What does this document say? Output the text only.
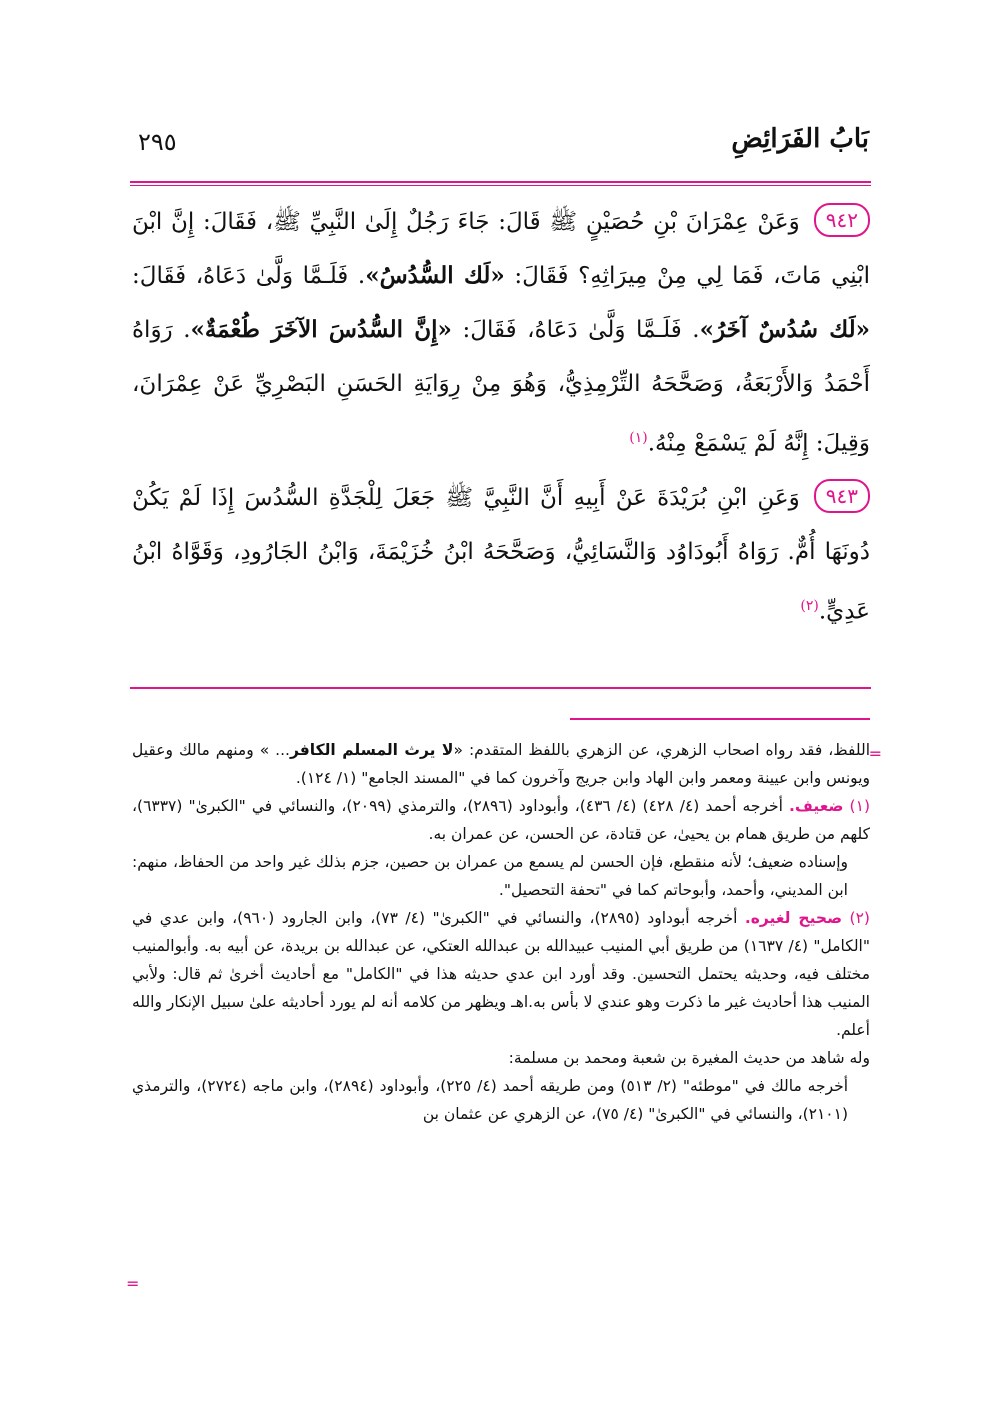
بَابُ الفَرَائِضِ
٢٩٥

٩٤٢وَعَنْ عِمْرَانَ بْنِ حُصَيْنٍ ﷺ قَالَ: جَاءَ رَجُلٌ إِلَىٰ النَّبِيِّ ﷺ، فَقَالَ: إِنَّ ابْنَ ابْنِي مَاتَ، فَمَا لِي مِنْ مِيرَاثِهِ؟ فَقَالَ: «لَك السُّدُسُ». فَلَـمَّا وَلَّىٰ دَعَاهُ، فَقَالَ: «لَك سُدُسٌ آخَرُ». فَلَـمَّا وَلَّىٰ دَعَاهُ، فَقَالَ: «إِنَّ السُّدُسَ الآخَرَ طُعْمَةٌ». رَوَاهُ أَحْمَدُ وَالأَرْبَعَةُ، وَصَحَّحَهُ التِّرْمِذِيُّ، وَهُوَ مِنْ رِوَايَةِ الحَسَنِ البَصْرِيِّ عَنْ عِمْرَانَ، وَقِيلَ: إِنَّهُ لَمْ يَسْمَعْ مِنْهُ.$^{(١)}$

٩٤٣وَعَنِ ابْنِ بُرَيْدَةَ عَنْ أَبِيهِ أَنَّ النَّبِيَّ ﷺ جَعَلَ لِلْجَدَّةِ السُّدُسَ إِذَا لَمْ يَكُنْ دُونَهَا أُمٌّ. رَوَاهُ أَبُودَاوُد وَالنَّسَائِيُّ، وَصَحَّحَهُ ابْنُ خُزَيْمَةَ، وَابْنُ الجَارُودِ، وَقَوَّاهُ ابْنُ عَدِيٍّ.$^{(٢)}$

=
=

اللفظ، فقد رواه اصحاب الزهري، عن الزهري باللفظ المتقدم: «لا يرث المسلم الكافر... » ومنهم مالك وعقيل ويونس وابن عيينة ومعمر وابن الهاد وابن جريج وآخرون كما في "المسند الجامع" (١/ ١٢٤).

(١) ضعيف. أخرجه أحمد (٤/ ٤٢٨) (٤/ ٤٣٦)، وأبوداود (٢٨٩٦)، والترمذي (٢٠٩٩)، والنسائي في "الكبرىٰ" (٦٣٣٧)، كلهم من طريق همام بن يحيىٰ، عن قتادة، عن الحسن، عن عمران به.

وإسناده ضعيف؛ لأنه منقطع، فإن الحسن لم يسمع من عمران بن حصين، جزم بذلك غير واحد من الحفاظ، منهم: ابن المديني، وأحمد، وأبوحاتم كما في "تحفة التحصيل".

(٢) صحيح لغيره. أخرجه أبوداود (٢٨٩٥)، والنسائي في "الكبرىٰ" (٤/ ٧٣)، وابن الجارود (٩٦٠)، وابن عدي في "الكامل" (٤/ ١٦٣٧) من طريق أبي المنيب عبيدالله بن عبدالله العتكي، عن عبدالله بن بريدة، عن أبيه به. وأبوالمنيب مختلف فيه، وحديثه يحتمل التحسين. وقد أورد ابن عدي حديثه هذا في "الكامل" مع أحاديث أخرىٰ ثم قال: ولأبي المنيب هذا أحاديث غير ما ذكرت وهو عندي لا بأس به.اهـ ويظهر من كلامه أنه لم يورد أحاديثه علىٰ سبيل الإنكار والله أعلم.

وله شاهد من حديث المغيرة بن شعبة ومحمد بن مسلمة:

أخرجه مالك في "موطئه" (٢/ ٥١٣) ومن طريقه أحمد (٤/ ٢٢٥)، وأبوداود (٢٨٩٤)، وابن ماجه (٢٧٢٤)، والترمذي (٢١٠١)، والنسائي في "الكبرىٰ" (٤/ ٧٥)، عن الزهري عن عثمان بن
